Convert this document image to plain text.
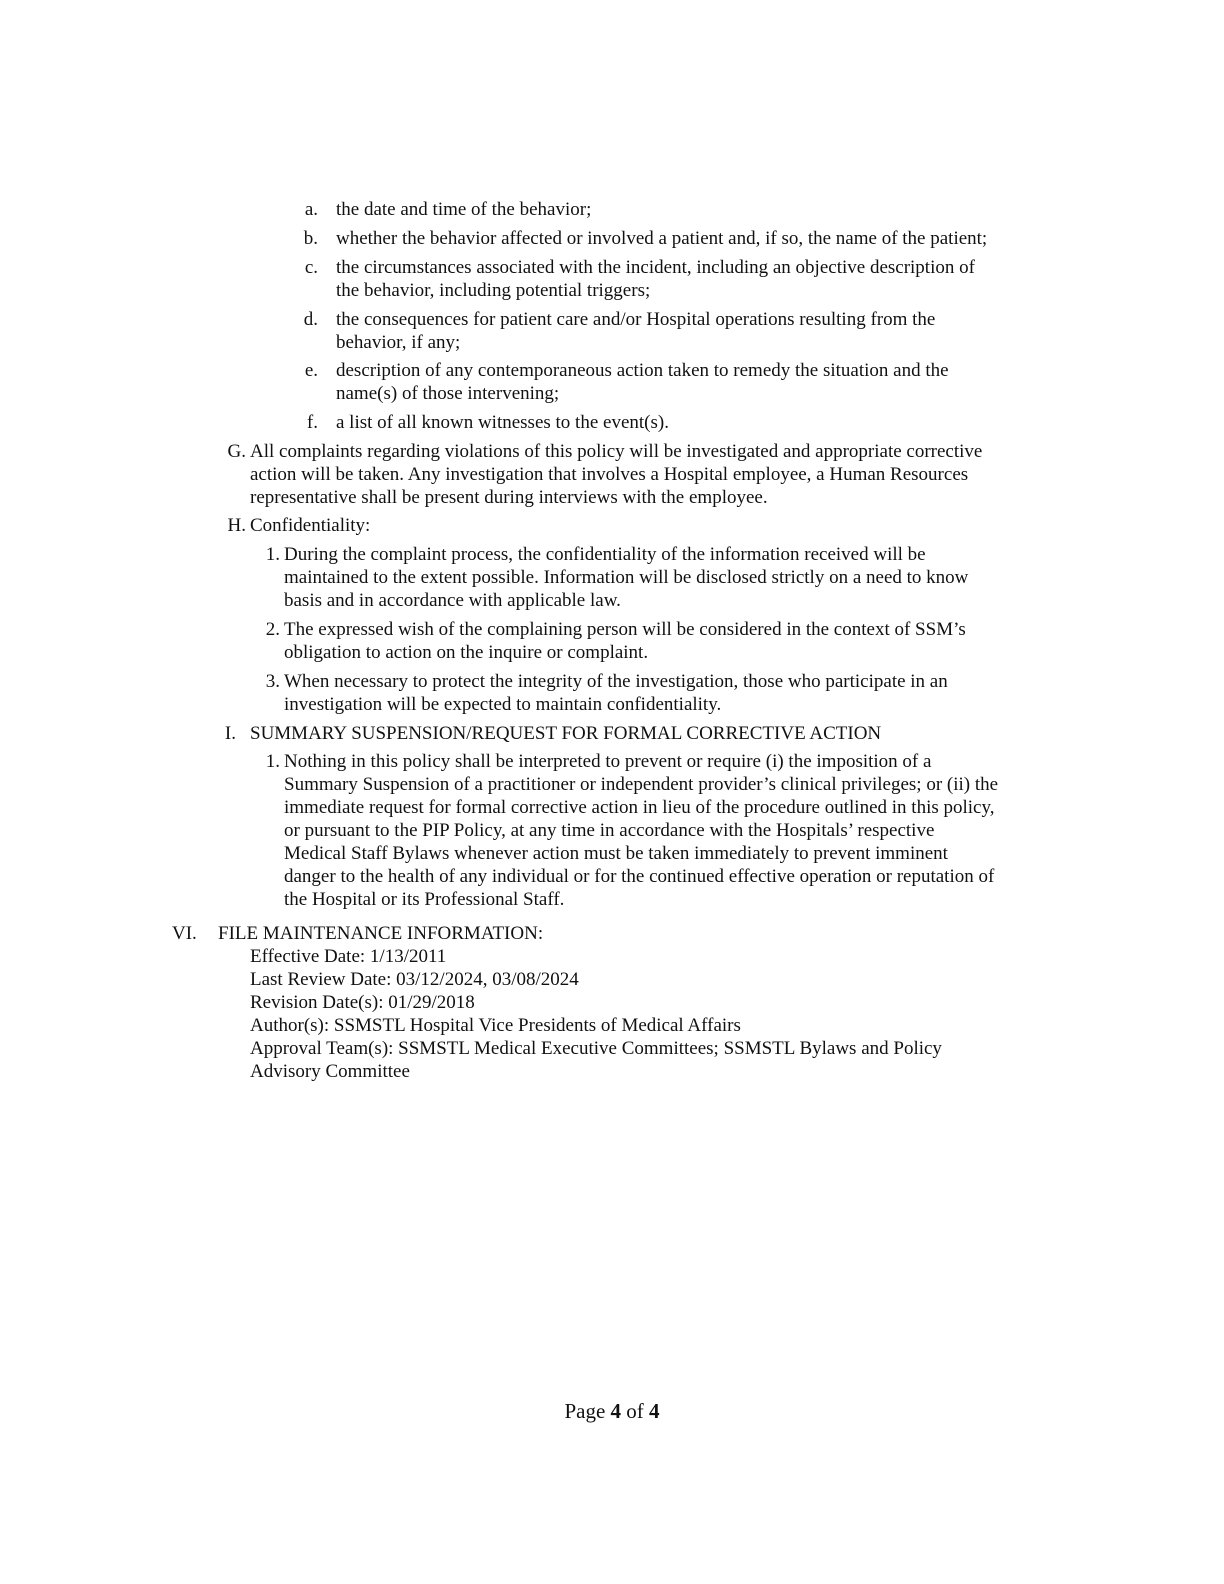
a. the date and time of the behavior;
b. whether the behavior affected or involved a patient and, if so, the name of the patient;
c. the circumstances associated with the incident, including an objective description of
the behavior, including potential triggers;
d. the consequences for patient care and/or Hospital operations resulting from the
behavior, if any;
e. description of any contemporaneous action taken to remedy the situation and the
name(s) of those intervening;
f. a list of all known witnesses to the event(s).
G. All complaints regarding violations of this policy will be investigated and appropriate corrective
action will be taken. Any investigation that involves a Hospital employee, a Human Resources
representative shall be present during interviews with the employee.
H. Confidentiality:
1. During the complaint process, the confidentiality of the information received will be
maintained to the extent possible. Information will be disclosed strictly on a need to know
basis and in accordance with applicable law.
2. The expressed wish of the complaining person will be considered in the context of SSM’s
obligation to action on the inquire or complaint.
3. When necessary to protect the integrity of the investigation, those who participate in an
investigation will be expected to maintain confidentiality.
I. SUMMARY SUSPENSION/REQUEST FOR FORMAL CORRECTIVE ACTION
1. Nothing in this policy shall be interpreted to prevent or require (i) the imposition of a
Summary Suspension of a practitioner or independent provider’s clinical privileges; or (ii) the
immediate request for formal corrective action in lieu of the procedure outlined in this policy,
or pursuant to the PIP Policy, at any time in accordance with the Hospitals’ respective
Medical Staff Bylaws whenever action must be taken immediately to prevent imminent
danger to the health of any individual or for the continued effective operation or reputation of
the Hospital or its Professional Staff.
VI. FILE MAINTENANCE INFORMATION:
Effective Date: 1/13/2011
Last Review Date: 03/12/2024, 03/08/2024
Revision Date(s): 01/29/2018
Author(s): SSMSTL Hospital Vice Presidents of Medical Affairs
Approval Team(s): SSMSTL Medical Executive Committees; SSMSTL Bylaws and Policy
Advisory Committee
Page 4 of 4
